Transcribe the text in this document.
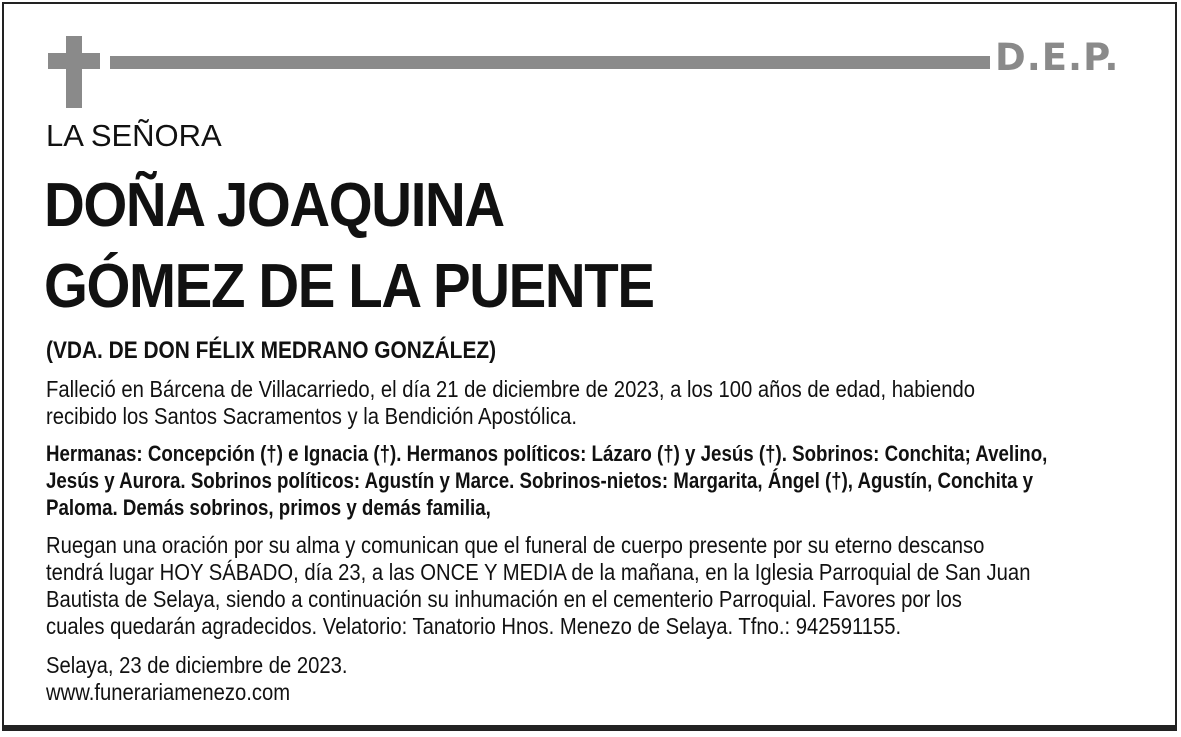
D.E.P.
LA SEÑORA
DOÑA JOAQUINA
GÓMEZ DE LA PUENTE
(VDA. DE DON FÉLIX MEDRANO GONZÁLEZ)
Falleció en Bárcena de Villacarriedo, el día 21 de diciembre de 2023, a los 100 años de edad, habiendo
recibido los Santos Sacramentos y la Bendición Apostólica.
Hermanas: Concepción (†) e Ignacia (†). Hermanos políticos: Lázaro (†) y Jesús (†). Sobrinos: Conchita; Avelino,
Jesús y Aurora. Sobrinos políticos: Agustín y Marce. Sobrinos-nietos: Margarita, Ángel (†), Agustín, Conchita y
Paloma. Demás sobrinos, primos y demás familia,
Ruegan una oración por su alma y comunican que el funeral de cuerpo presente por su eterno descanso
tendrá lugar HOY SÁBADO, día 23, a las ONCE Y MEDIA de la mañana, en la Iglesia Parroquial de San Juan
Bautista de Selaya, siendo a continuación su inhumación en el cementerio Parroquial. Favores por los
cuales quedarán agradecidos. Velatorio: Tanatorio Hnos. Menezo de Selaya. Tfno.: 942591155.
Selaya, 23 de diciembre de 2023.
www.funerariamenezo.com
